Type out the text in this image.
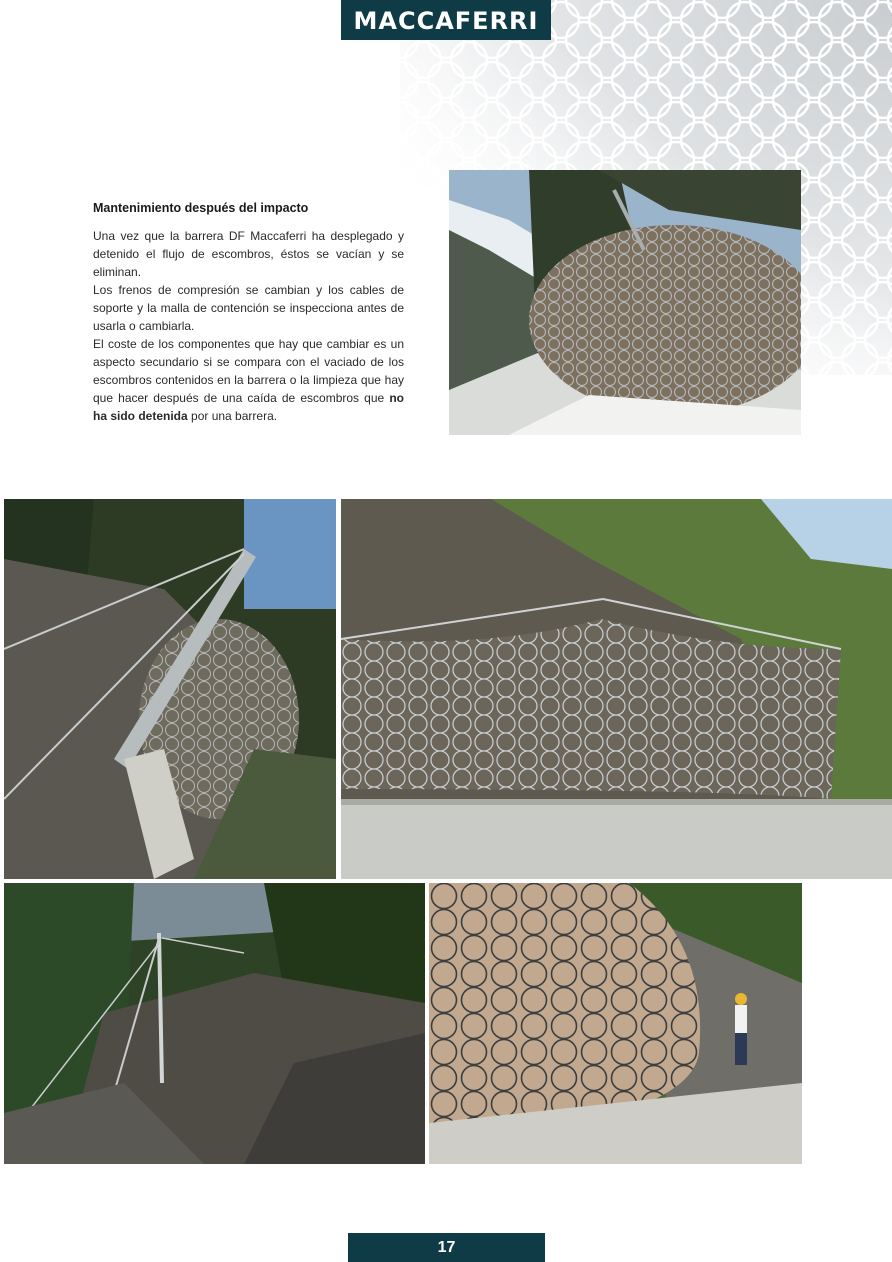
MACCAFERRI
Mantenimiento después del impacto

Una vez que la barrera DF Maccaferri ha desplegado y detenido el flujo de escombros, éstos se vacían y se eliminan.

Los frenos de compresión se cambian y los cables de soporte y la malla de contención se inspecciona antes de usarla o cambiarla.

El coste de los componentes que hay que cambiar es un aspecto secundario si se compara con el vaciado de los escombros contenidos en la barrera o la limpieza que hay que hacer después de una caída de escombros que no ha sido detenida por una barrera.

17
